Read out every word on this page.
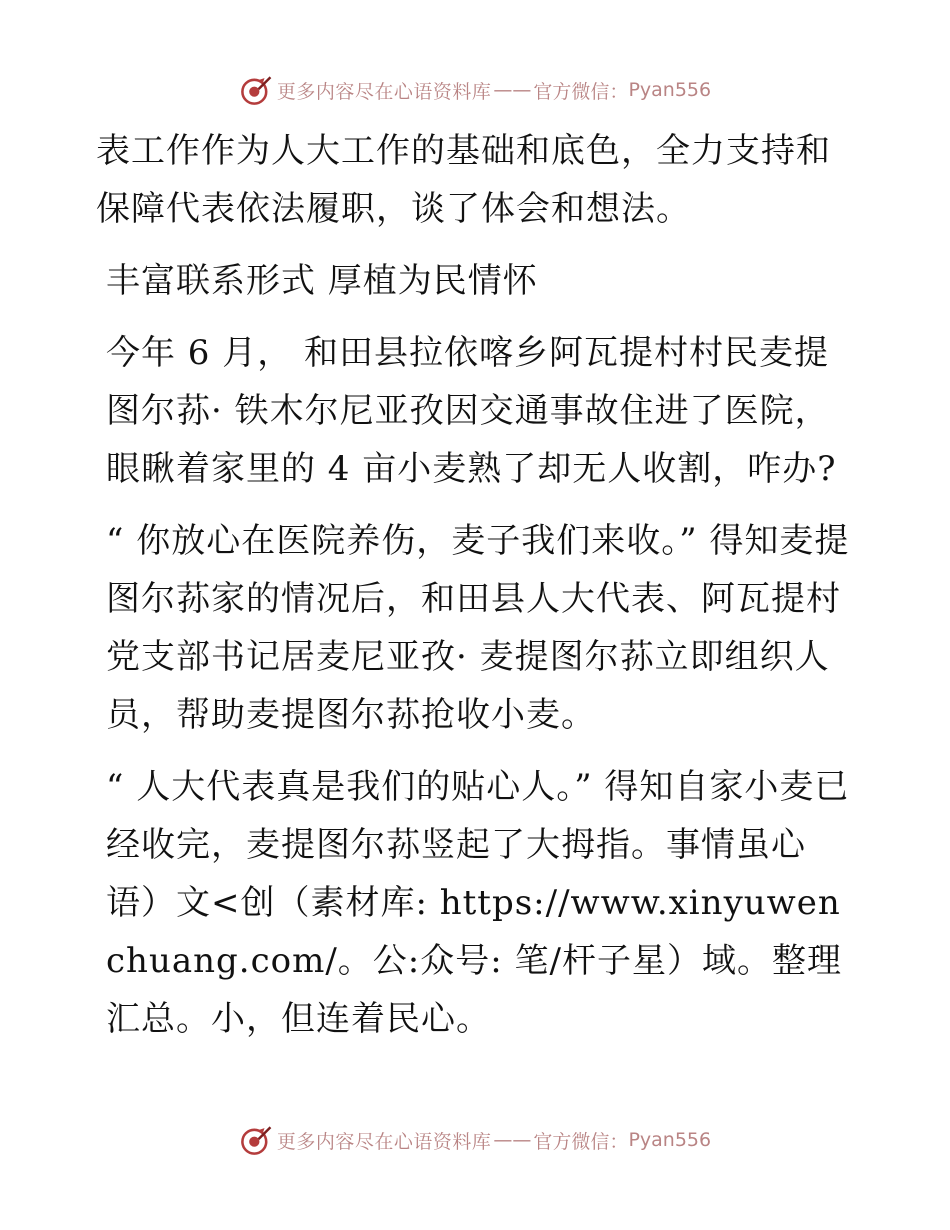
更多内容尽在心语资料库 —— 官方微信： Pyan556

表工作作为人大工作的基础和底色，全力支持和保障代表依法履职，谈了体会和想法。

丰富联系形式 厚植为民情怀

今年 6 月， 和田县拉依喀乡阿瓦提村村民麦提图尔荪· 铁木尔尼亚孜因交通事故住进了医院，眼瞅着家里的 4 亩小麦熟了却无人收割，咋办?

“ 你放心在医院养伤，麦子我们来收。” 得知麦提图尔荪家的情况后，和田县人大代表、阿瓦提村党支部书记居麦尼亚孜· 麦提图尔荪立即组织人员，帮助麦提图尔荪抢收小麦。

“ 人大代表真是我们的贴心人。” 得知自家小麦已经收完，麦提图尔荪竖起了大拇指。事情虽心语）文<创（素材库: https://www.xinyuwenchuang.com/。公:众号: 笔/杆子星）域。整理汇总。小，但连着民心。

更多内容尽在心语资料库 —— 官方微信： Pyan556
